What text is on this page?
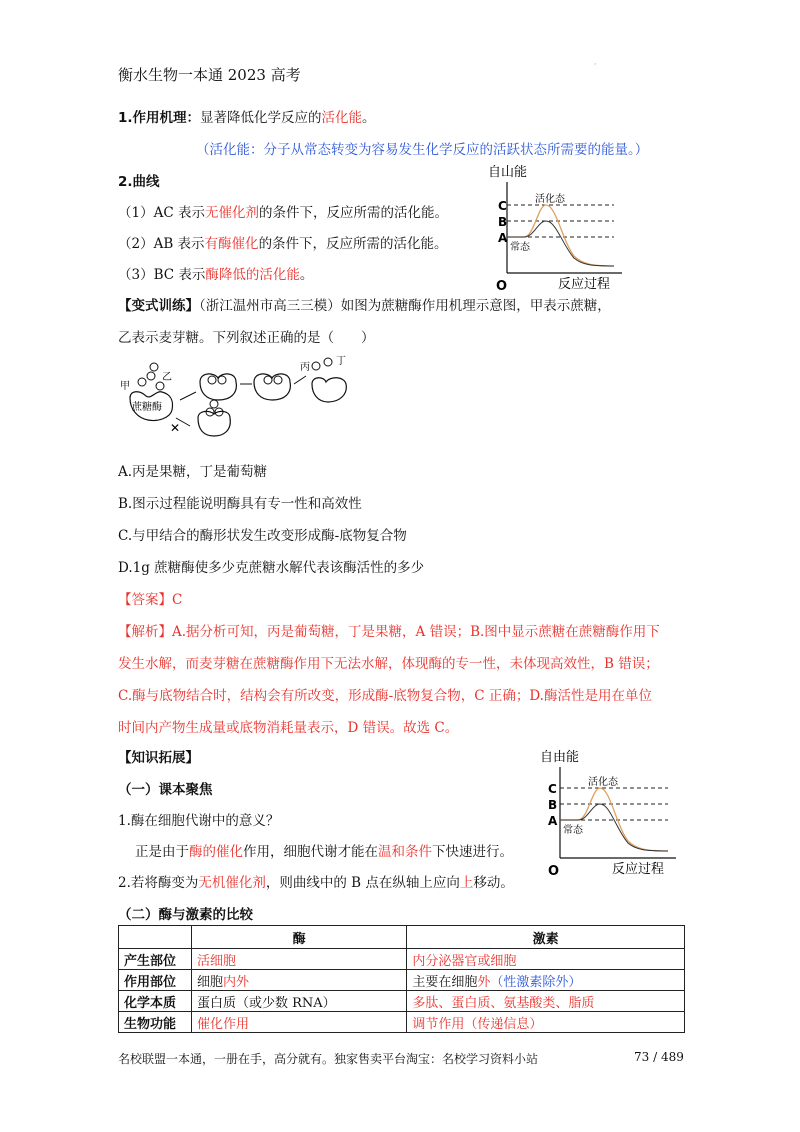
衡水生物一本通 2023 高考
·
1.作用机理：显著降低化学反应的活化能。
（活化能：分子从常态转变为容易发生化学反应的活跃状态所需要的能量。）
2.曲线
（1）AC 表示无催化剂的条件下，反应所需的活化能。
（2）AB 表示有酶催化的条件下，反应所需的活化能。
（3）BC 表示酶降低的活化能。
自山能
C
B
A
活化态
常态
O	反应过程
【变式训练】（浙江温州市高三三模）如图为蔗糖酶作用机理示意图，甲表示蔗糖，
乙表示麦芽糖。下列叙述正确的是（　　）
甲
乙
蔗糖酶
丙
丁
✕
A.丙是果糖，丁是葡萄糖
B.图示过程能说明酶具有专一性和高效性
C.与甲结合的酶形状发生改变形成酶-底物复合物
D.1g 蔗糖酶使多少克蔗糖水解代表该酶活性的多少
【答案】C
【解析】A.据分析可知，丙是葡萄糖，丁是果糖，A 错误；B.图中显示蔗糖在蔗糖酶作用下
发生水解，而麦芽糖在蔗糖酶作用下无法水解，体现酶的专一性，未体现高效性，B 错误；
C.酶与底物结合时，结构会有所改变，形成酶-底物复合物，C 正确；D.酶活性是用在单位
时间内产物生成量或底物消耗量表示，D 错误。故选 C。
【知识拓展】
（一）课本聚焦
1.酶在细胞代谢中的意义？
正是由于酶的催化作用，细胞代谢才能在温和条件下快速进行。
2.若将酶变为无机催化剂，则曲线中的 B 点在纵轴上应向上移动。
自由能
C
B
A
活化态
常态
O	反应过程
（二）酶与激素的比较
	酶	激素
产生部位	活细胞	内分泌器官或细胞
作用部位	细胞内外	主要在细胞外（性激素除外）
化学本质	蛋白质（或少数 RNA）	多肽、蛋白质、氨基酸类、脂质
生物功能	催化作用	调节作用（传递信息）
名校联盟一本通，一册在手，高分就有。独家售卖平台淘宝：名校学习资料小站	73 / 489
